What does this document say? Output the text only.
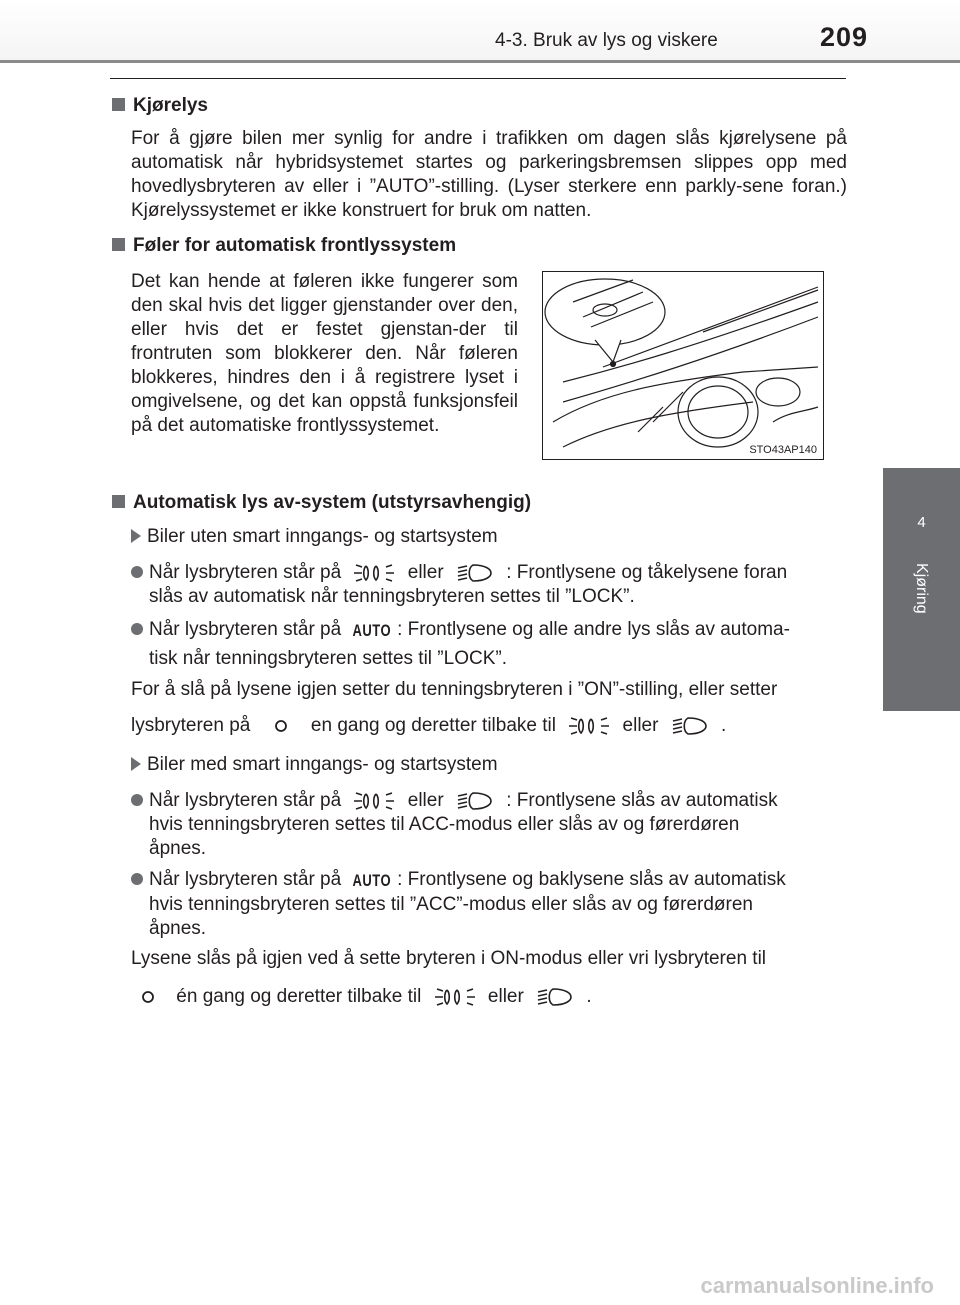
4-3. Bruk av lys og viskere	209
4
Kjøring
Kjørelys
For å gjøre bilen mer synlig for andre i trafikken om dagen slås kjørelysene på automatisk når hybridsystemet startes og parkeringsbremsen slippes opp med hovedlysbryteren av eller i ”AUTO”-stilling. (Lyser sterkere enn parkly-sene foran.) Kjørelyssystemet er ikke konstruert for bruk om natten.
Føler for automatisk frontlyssystem
Det kan hende at føleren ikke fungerer som den skal hvis det ligger gjenstander over den, eller hvis det er festet gjenstan-der til frontruten som blokkerer den. Når føleren blokkeres, hindres den i å registrere lyset i omgivelsene, og det kan oppstå funksjonsfeil på det automatiske frontlyssystemet.
STO43AP140
Automatisk lys av-system (utstyrsavhengig)
Biler uten smart inngangs- og startsystem
Når lysbryteren står på	eller	: Frontlysene og tåkelysene foran
slås av automatisk når tenningsbryteren settes til ”LOCK”.
Når lysbryteren står på AUTO : Frontlysene og alle andre lys slås av automa-
tisk når tenningsbryteren settes til ”LOCK”.
For å slå på lysene igjen setter du tenningsbryteren i ”ON”-stilling, eller setter
lysbryteren på	en gang og deretter tilbake til	eller	.
Biler med smart inngangs- og startsystem
Når lysbryteren står på	eller	: Frontlysene slås av automatisk
hvis tenningsbryteren settes til ACC-modus eller slås av og førerdøren
åpnes.
Når lysbryteren står på AUTO : Frontlysene og baklysene slås av automatisk
hvis tenningsbryteren settes til ”ACC”-modus eller slås av og førerdøren
åpnes.
Lysene slås på igjen ved å sette bryteren i ON-modus eller vri lysbryteren til
én gang og deretter tilbake til	eller	.
carmanualsonline.info
